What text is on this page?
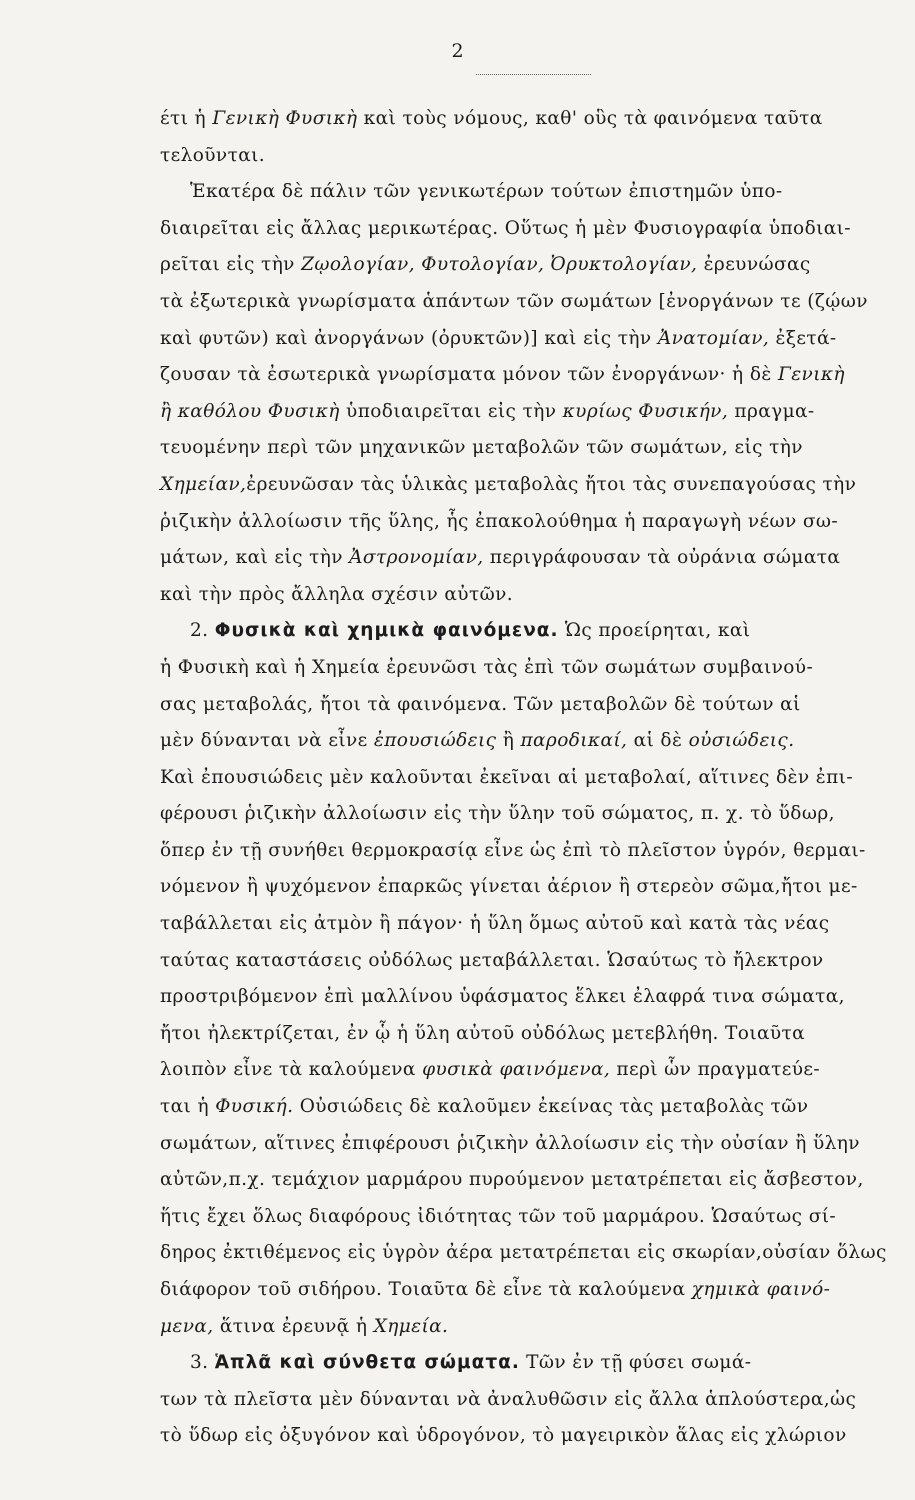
2
έτι ἡ Γενικὴ Φυσικὴ καὶ τοὺς νόμους, καθ' οὓς τὰ φαινόμενα ταῦτα
τελοῦνται.
Ἑκατέρα δὲ πάλιν τῶν γενικωτέρων τούτων ἐπιστημῶν ὑπο-
διαιρεῖται εἰς ἄλλας μερικωτέρας. Οὕτως ἡ μὲν Φυσιογραφία ὑποδιαι-
ρεῖται εἰς τὴν Ζῳολογίαν, Φυτολογίαν, Ὀρυκτολογίαν, ἐρευνώσας
τὰ ἐξωτερικὰ γνωρίσματα ἁπάντων τῶν σωμάτων [ἐνοργάνων τε (ζῴων
καὶ φυτῶν) καὶ ἀνοργάνων (ὀρυκτῶν)] καὶ εἰς τὴν Ἀνατομίαν, ἐξετά-
ζουσαν τὰ ἐσωτερικὰ γνωρίσματα μόνον τῶν ἐνοργάνων· ἡ δὲ Γενικὴ
ἢ καθόλου Φυσικὴ ὑποδιαιρεῖται εἰς τὴν κυρίως Φυσικήν, πραγμα-
τευομένην περὶ τῶν μηχανικῶν μεταβολῶν τῶν σωμάτων, εἰς τὴν
Χημείαν,ἐρευνῶσαν τὰς ὑλικὰς μεταβολὰς ἤτοι τὰς συνεπαγούσας τὴν
ῥιζικὴν ἀλλοίωσιν τῆς ὕλης, ἧς ἐπακολούθημα ἡ παραγωγὴ νέων σω-
μάτων, καὶ εἰς τὴν Ἀστρονομίαν, περιγράφουσαν τὰ οὐράνια σώματα
καὶ τὴν πρὸς ἄλληλα σχέσιν αὐτῶν.
2. Φυσικὰ καὶ χημικὰ φαινόμενα. Ὡς προείρηται, καὶ
ἡ Φυσικὴ καὶ ἡ Χημεία ἐρευνῶσι τὰς ἐπὶ τῶν σωμάτων συμβαινού-
σας μεταβολάς, ἤτοι τὰ φαινόμενα. Τῶν μεταβολῶν δὲ τούτων αἱ
μὲν δύνανται νὰ εἶνε ἐπουσιώδεις ἢ παροδικαί, αἱ δὲ οὐσιώδεις.
Καὶ ἐπουσιώδεις μὲν καλοῦνται ἐκεῖναι αἱ μεταβολαί, αἵτινες δὲν ἐπι-
φέρουσι ῥιζικὴν ἀλλοίωσιν εἰς τὴν ὕλην τοῦ σώματος, π. χ. τὸ ὕδωρ,
ὅπερ ἐν τῇ συνήθει θερμοκρασίᾳ εἶνε ὡς ἐπὶ τὸ πλεῖστον ὑγρόν, θερμαι-
νόμενον ἢ ψυχόμενον ἐπαρκῶς γίνεται ἀέριον ἢ στερεὸν σῶμα,ἤτοι με-
ταβάλλεται εἰς ἀτμὸν ἢ πάγον· ἡ ὕλη ὅμως αὐτοῦ καὶ κατὰ τὰς νέας
ταύτας καταστάσεις οὐδόλως μεταβάλλεται. Ὡσαύτως τὸ ἤλεκτρον
προστριβόμενον ἐπὶ μαλλίνου ὑφάσματος ἕλκει ἐλαφρά τινα σώματα,
ἤτοι ἠλεκτρίζεται, ἐν ᾧ ἡ ὕλη αὐτοῦ οὐδόλως μετεβλήθη. Τοιαῦτα
λοιπὸν εἶνε τὰ καλούμενα φυσικὰ φαινόμενα, περὶ ὧν πραγματεύε-
ται ἡ Φυσική. Οὐσιώδεις δὲ καλοῦμεν ἐκείνας τὰς μεταβολὰς τῶν
σωμάτων, αἵτινες ἐπιφέρουσι ῥιζικὴν ἀλλοίωσιν εἰς τὴν οὐσίαν ἢ ὕλην
αὐτῶν,π.χ. τεμάχιον μαρμάρου πυρούμενον μετατρέπεται εἰς ἄσβεστον,
ἥτις ἔχει ὅλως διαφόρους ἰδιότητας τῶν τοῦ μαρμάρου. Ὡσαύτως σί-
δηρος ἐκτιθέμενος εἰς ὑγρὸν ἀέρα μετατρέπεται εἰς σκωρίαν,οὐσίαν ὅλως
διάφορον τοῦ σιδήρου. Τοιαῦτα δὲ εἶνε τὰ καλούμενα χημικὰ φαινό-
μενα, ἅτινα ἐρευνᾷ ἡ Χημεία.
3. Ἁπλᾶ καὶ σύνθετα σώματα. Τῶν ἐν τῇ φύσει σωμά-
των τὰ πλεῖστα μὲν δύνανται νὰ ἀναλυθῶσιν εἰς ἄλλα ἁπλούστερα,ὡς
τὸ ὕδωρ εἰς ὀξυγόνον καὶ ὑδρογόνον, τὸ μαγειρικὸν ἅλας εἰς χλώριον
